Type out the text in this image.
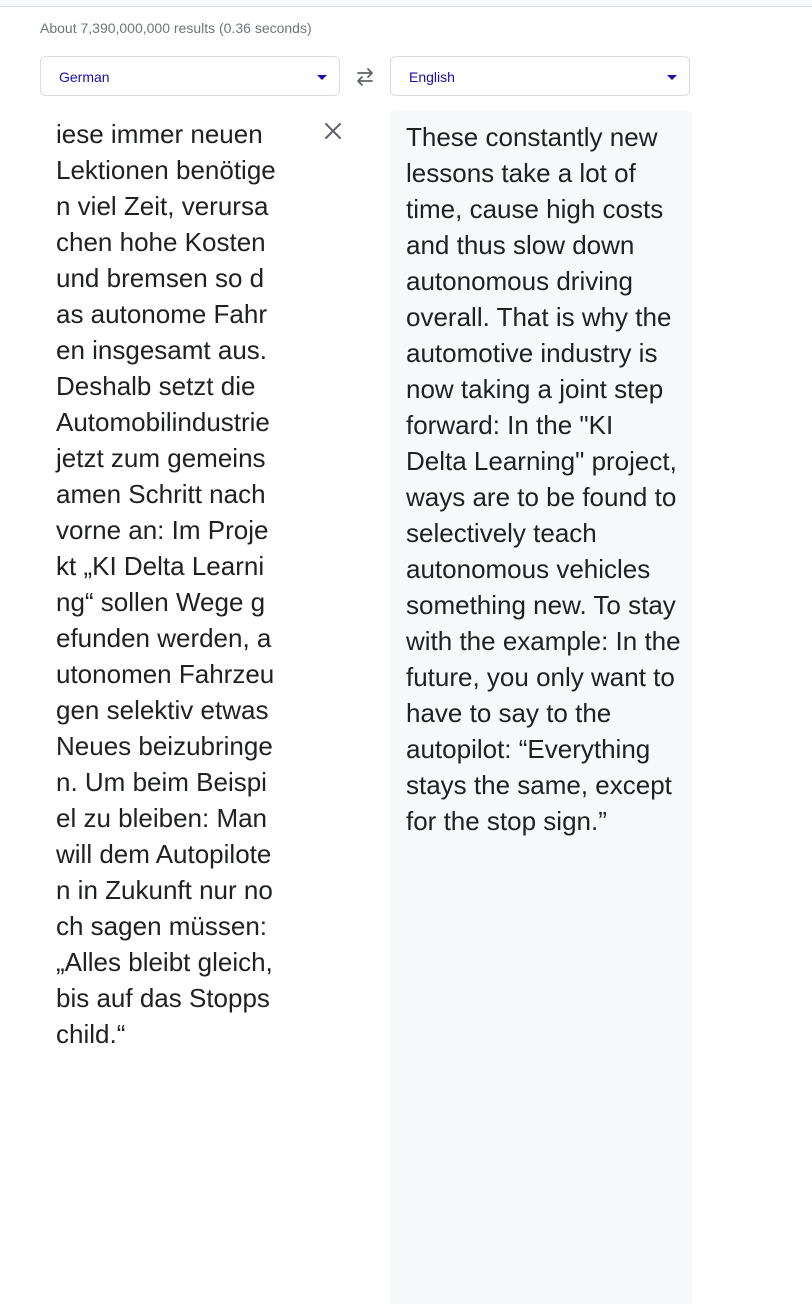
About 7,390,000,000 results (0.36 seconds)
German	English
iese immer neuen Lektionen benötigen viel Zeit, verursachen hohe Kosten und bremsen so das autonome Fahren insgesamt aus. Deshalb setzt die Automobilindustrie jetzt zum gemeinsamen Schritt nach vorne an: Im Projekt „KI Delta Learning“ sollen Wege gefunden werden, autonomen Fahrzeugen selektiv etwas Neues beizubringen. Um beim Beispiel zu bleiben: Man will dem Autopiloten in Zukunft nur noch sagen müssen: „Alles bleibt gleich, bis auf das Stoppschild.“
These constantly new lessons take a lot of time, cause high costs and thus slow down autonomous driving overall. That is why the automotive industry is now taking a joint step forward: In the "KI Delta Learning" project, ways are to be found to selectively teach autonomous vehicles something new. To stay with the example: In the future, you only want to have to say to the autopilot: “Everything stays the same, except for the stop sign.”
